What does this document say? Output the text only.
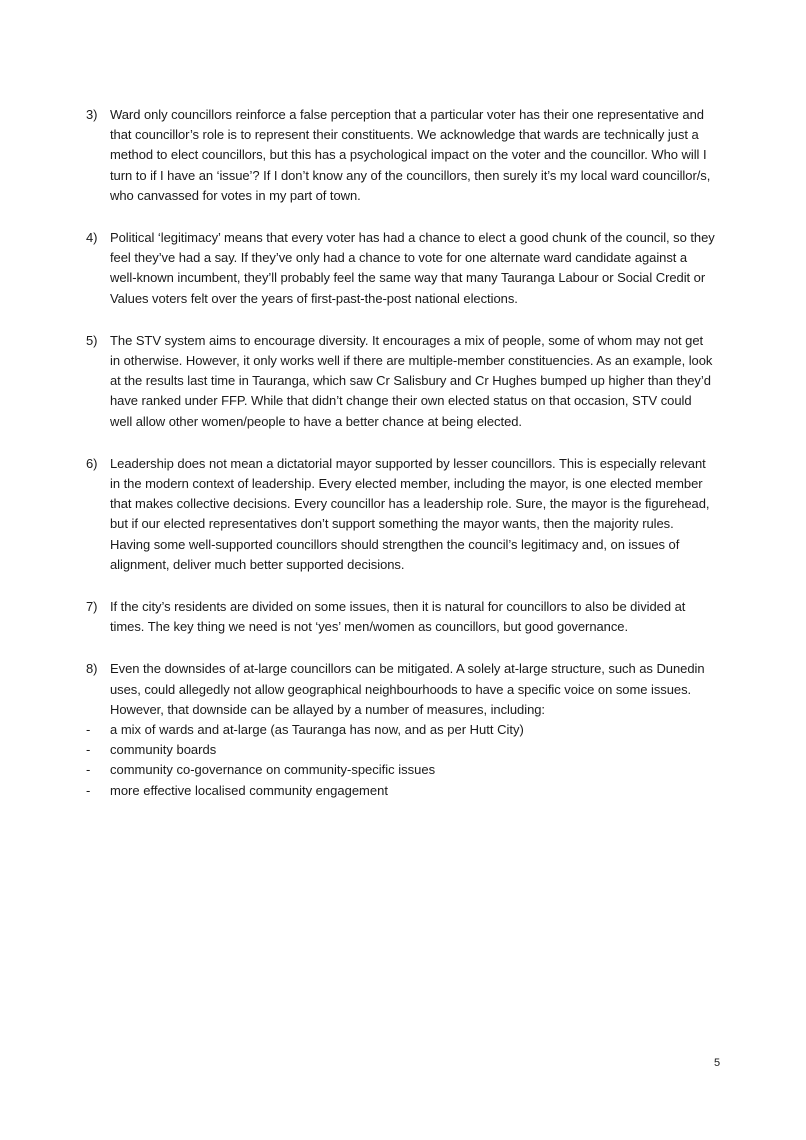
3) Ward only councillors reinforce a false perception that a particular voter has their one representative and that councillor’s role is to represent their constituents. We acknowledge that wards are technically just a method to elect councillors, but this has a psychological impact on the voter and the councillor. Who will I turn to if I have an ‘issue’? If I don’t know any of the councillors, then surely it’s my local ward councillor/s, who canvassed for votes in my part of town.
4) Political ‘legitimacy’ means that every voter has had a chance to elect a good chunk of the council, so they feel they’ve had a say. If they’ve only had a chance to vote for one alternate ward candidate against a well-known incumbent, they’ll probably feel the same way that many Tauranga Labour or Social Credit or Values voters felt over the years of first-past-the-post national elections.
5) The STV system aims to encourage diversity. It encourages a mix of people, some of whom may not get in otherwise. However, it only works well if there are multiple-member constituencies. As an example, look at the results last time in Tauranga, which saw Cr Salisbury and Cr Hughes bumped up higher than they’d have ranked under FFP. While that didn’t change their own elected status on that occasion, STV could well allow other women/people to have a better chance at being elected.
6) Leadership does not mean a dictatorial mayor supported by lesser councillors. This is especially relevant in the modern context of leadership. Every elected member, including the mayor, is one elected member that makes collective decisions. Every councillor has a leadership role. Sure, the mayor is the figurehead, but if our elected representatives don’t support something the mayor wants, then the majority rules. Having some well-supported councillors should strengthen the council’s legitimacy and, on issues of alignment, deliver much better supported decisions.
7) If the city’s residents are divided on some issues, then it is natural for councillors to also be divided at times. The key thing we need is not ‘yes’ men/women as councillors, but good governance.
8) Even the downsides of at-large councillors can be mitigated. A solely at-large structure, such as Dunedin uses, could allegedly not allow geographical neighbourhoods to have a specific voice on some issues. However, that downside can be allayed by a number of measures, including:
- a mix of wards and at-large (as Tauranga has now, and as per Hutt City)
- community boards
- community co-governance on community-specific issues
- more effective localised community engagement
5
